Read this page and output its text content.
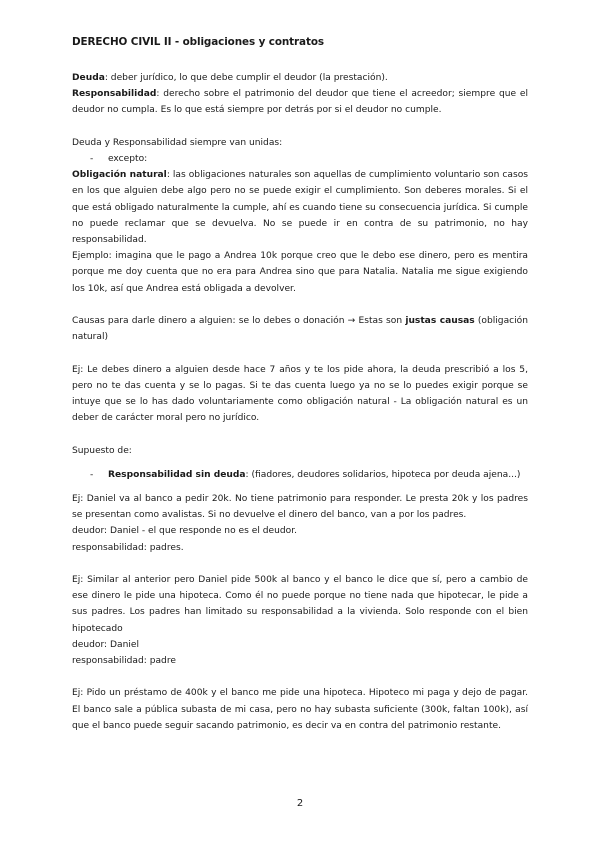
DERECHO CIVIL II - obligaciones y contratos

Deuda: deber jurídico, lo que debe cumplir el deudor (la prestación).

Responsabilidad: derecho sobre el patrimonio del deudor que tiene el acreedor; siempre que el deudor no cumpla. Es lo que está siempre por detrás por si el deudor no cumple.

Deuda y Responsabilidad siempre van unidas:

- excepto:

Obligación natural: las obligaciones naturales son aquellas de cumplimiento voluntario son casos en los que alguien debe algo pero no se puede exigir el cumplimiento. Son deberes morales. Si el que está obligado naturalmente la cumple, ahí es cuando tiene su consecuencia jurídica. Si cumple no puede reclamar que se devuelva. No se puede ir en contra de su patrimonio, no hay responsabilidad.

Ejemplo: imagina que le pago a Andrea 10k porque creo que le debo ese dinero, pero es mentira porque me doy cuenta que no era para Andrea sino que para Natalia. Natalia me sigue exigiendo los 10k, así que Andrea está obligada a devolver.

Causas para darle dinero a alguien: se lo debes o donación → Estas son justas causas (obligación natural)

Ej: Le debes dinero a alguien desde hace 7 años y te los pide ahora, la deuda prescribió a los 5, pero no te das cuenta y se lo pagas. Si te das cuenta luego ya no se lo puedes exigir porque se intuye que se lo has dado voluntariamente como obligación natural - La obligación natural es un deber de carácter moral pero no jurídico.

Supuesto de:

- Responsabilidad sin deuda: (fiadores, deudores solidarios, hipoteca por deuda ajena...)

Ej: Daniel va al banco a pedir 20k. No tiene patrimonio para responder. Le presta 20k y los padres se presentan como avalistas. Si no devuelve el dinero del banco, van a por los padres.

deudor: Daniel - el que responde no es el deudor.

responsabilidad: padres.

Ej: Similar al anterior pero Daniel pide 500k al banco y el banco le dice que sí, pero a cambio de ese dinero le pide una hipoteca. Como él no puede porque no tiene nada que hipotecar, le pide a sus padres. Los padres han limitado su responsabilidad a la vivienda. Solo responde con el bien hipotecado

deudor: Daniel

responsabilidad: padre

Ej: Pido un préstamo de 400k y el banco me pide una hipoteca. Hipoteco mi paga y dejo de pagar. El banco sale a pública subasta de mi casa, pero no hay subasta suficiente (300k, faltan 100k), así que el banco puede seguir sacando patrimonio, es decir va en contra del patrimonio restante.

2
